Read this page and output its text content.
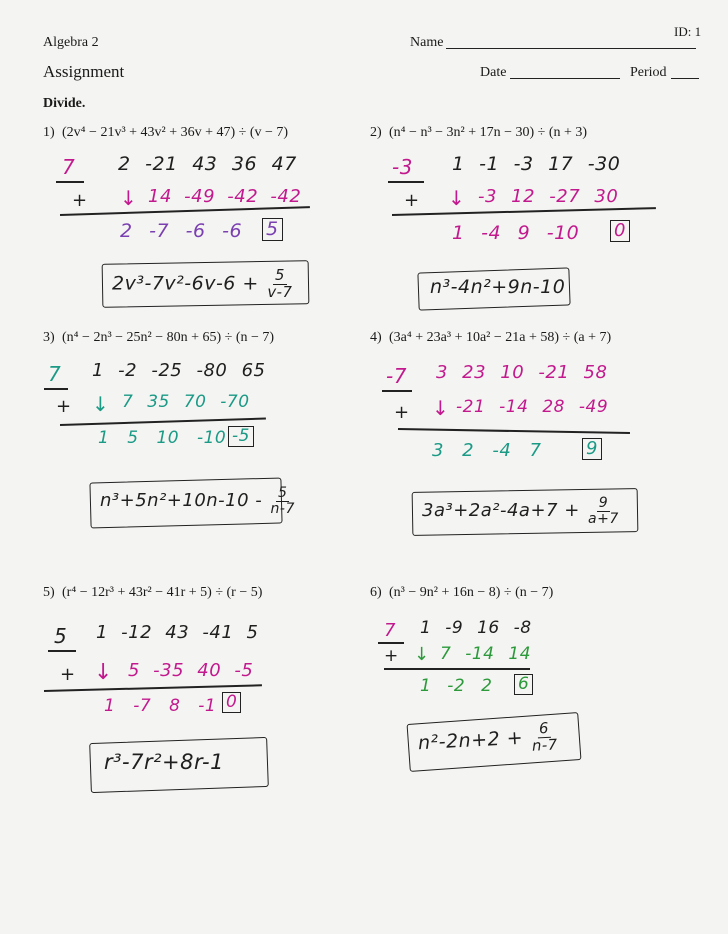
ID: 1
Algebra 2	Name
Assignment	Date	Period
Divide.
1) (2v⁴ − 21v³ + 43v² + 36v + 47) ÷ (v − 7)
7 2 -21 43 36 47
+ ↓ 14 -49 -42 -42
2 -7 -6 -6 5
$2v^3-7v^2-6v-6 + \frac{5}{v-7}$
2) (n⁴ − n³ − 3n² + 17n − 30) ÷ (n + 3)
-3 1 -1 -3 17 -30
+ ↓ -3 12 -27 30
1 -4 9 -10 0
n³-4n²+9n-10
3) (n⁴ − 2n³ − 25n² − 80n + 65) ÷ (n − 7)
7 1 -2 -25 -80 65
+ ↓ 7 35 70 -70
1 5 10 -10 -5
$n^3+5n^2+10n-10 - \frac{5}{n-7}$
4) (3a⁴ + 23a³ + 10a² − 21a + 58) ÷ (a + 7)
-7 3 23 10 -21 58
+ ↓ -21 -14 28 -49
3 2 -4 7 9
$3a^3+2a^2-4a+7 + \frac{9}{a+7}$
5) (r⁴ − 12r³ + 43r² − 41r + 5) ÷ (r − 5)
5 1 -12 43 -41 5
+ ↓ 5 -35 40 -5
1 -7 8 -1 0
r³-7r²+8r-1
6) (n³ − 9n² + 16n − 8) ÷ (n − 7)
7 1 -9 16 -8
+ ↓ 7 -14 14
1 -2 2 6
$n^2-2n+2 + \frac{6}{n-7}$
